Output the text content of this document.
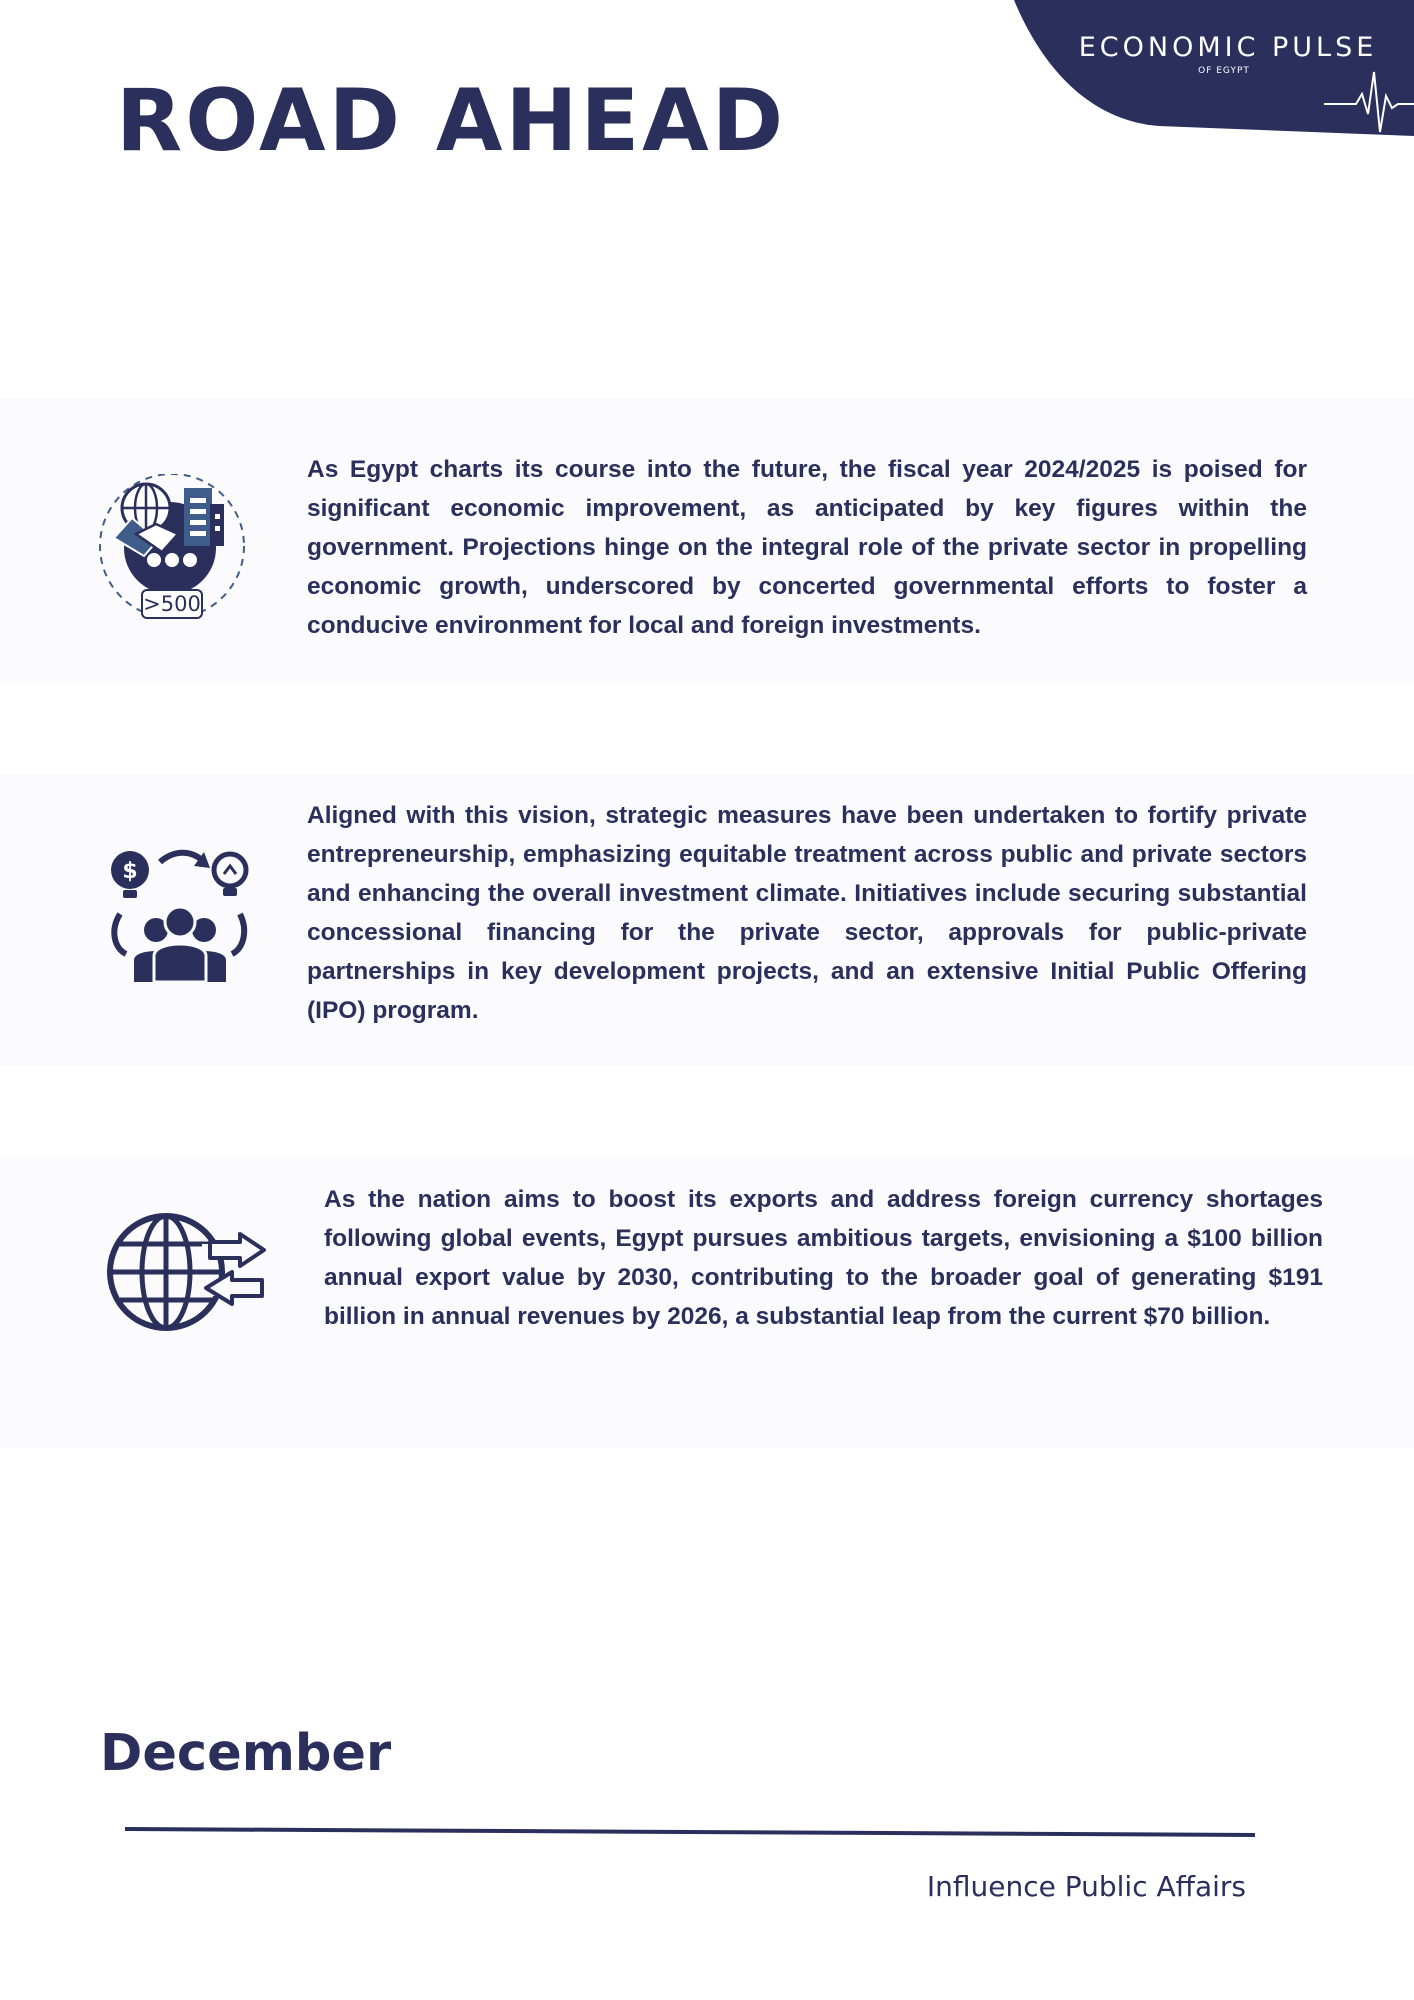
ECONOMIC PULSE
OF EGYPT
ROAD AHEAD
>500
As Egypt charts its course into the future, the fiscal year 2024/2025 is poised for significant economic improvement, as anticipated by key figures within the government. Projections hinge on the integral role of the private sector in propelling economic growth, underscored by concerted governmental efforts to foster a conducive environment for local and foreign investments.
$
Aligned with this vision, strategic measures have been undertaken to fortify private entrepreneurship, emphasizing equitable treatment across public and private sectors and enhancing the overall investment climate. Initiatives include securing substantial concessional financing for the private sector, approvals for public-private partnerships in key development projects, and an extensive Initial Public Offering (IPO) program.
As the nation aims to boost its exports and address foreign currency shortages following global events, Egypt pursues ambitious targets, envisioning a $100 billion annual export value by 2030, contributing to the broader goal of generating $191 billion in annual revenues by 2026, a substantial leap from the current $70 billion.
December
Influence Public Affairs
